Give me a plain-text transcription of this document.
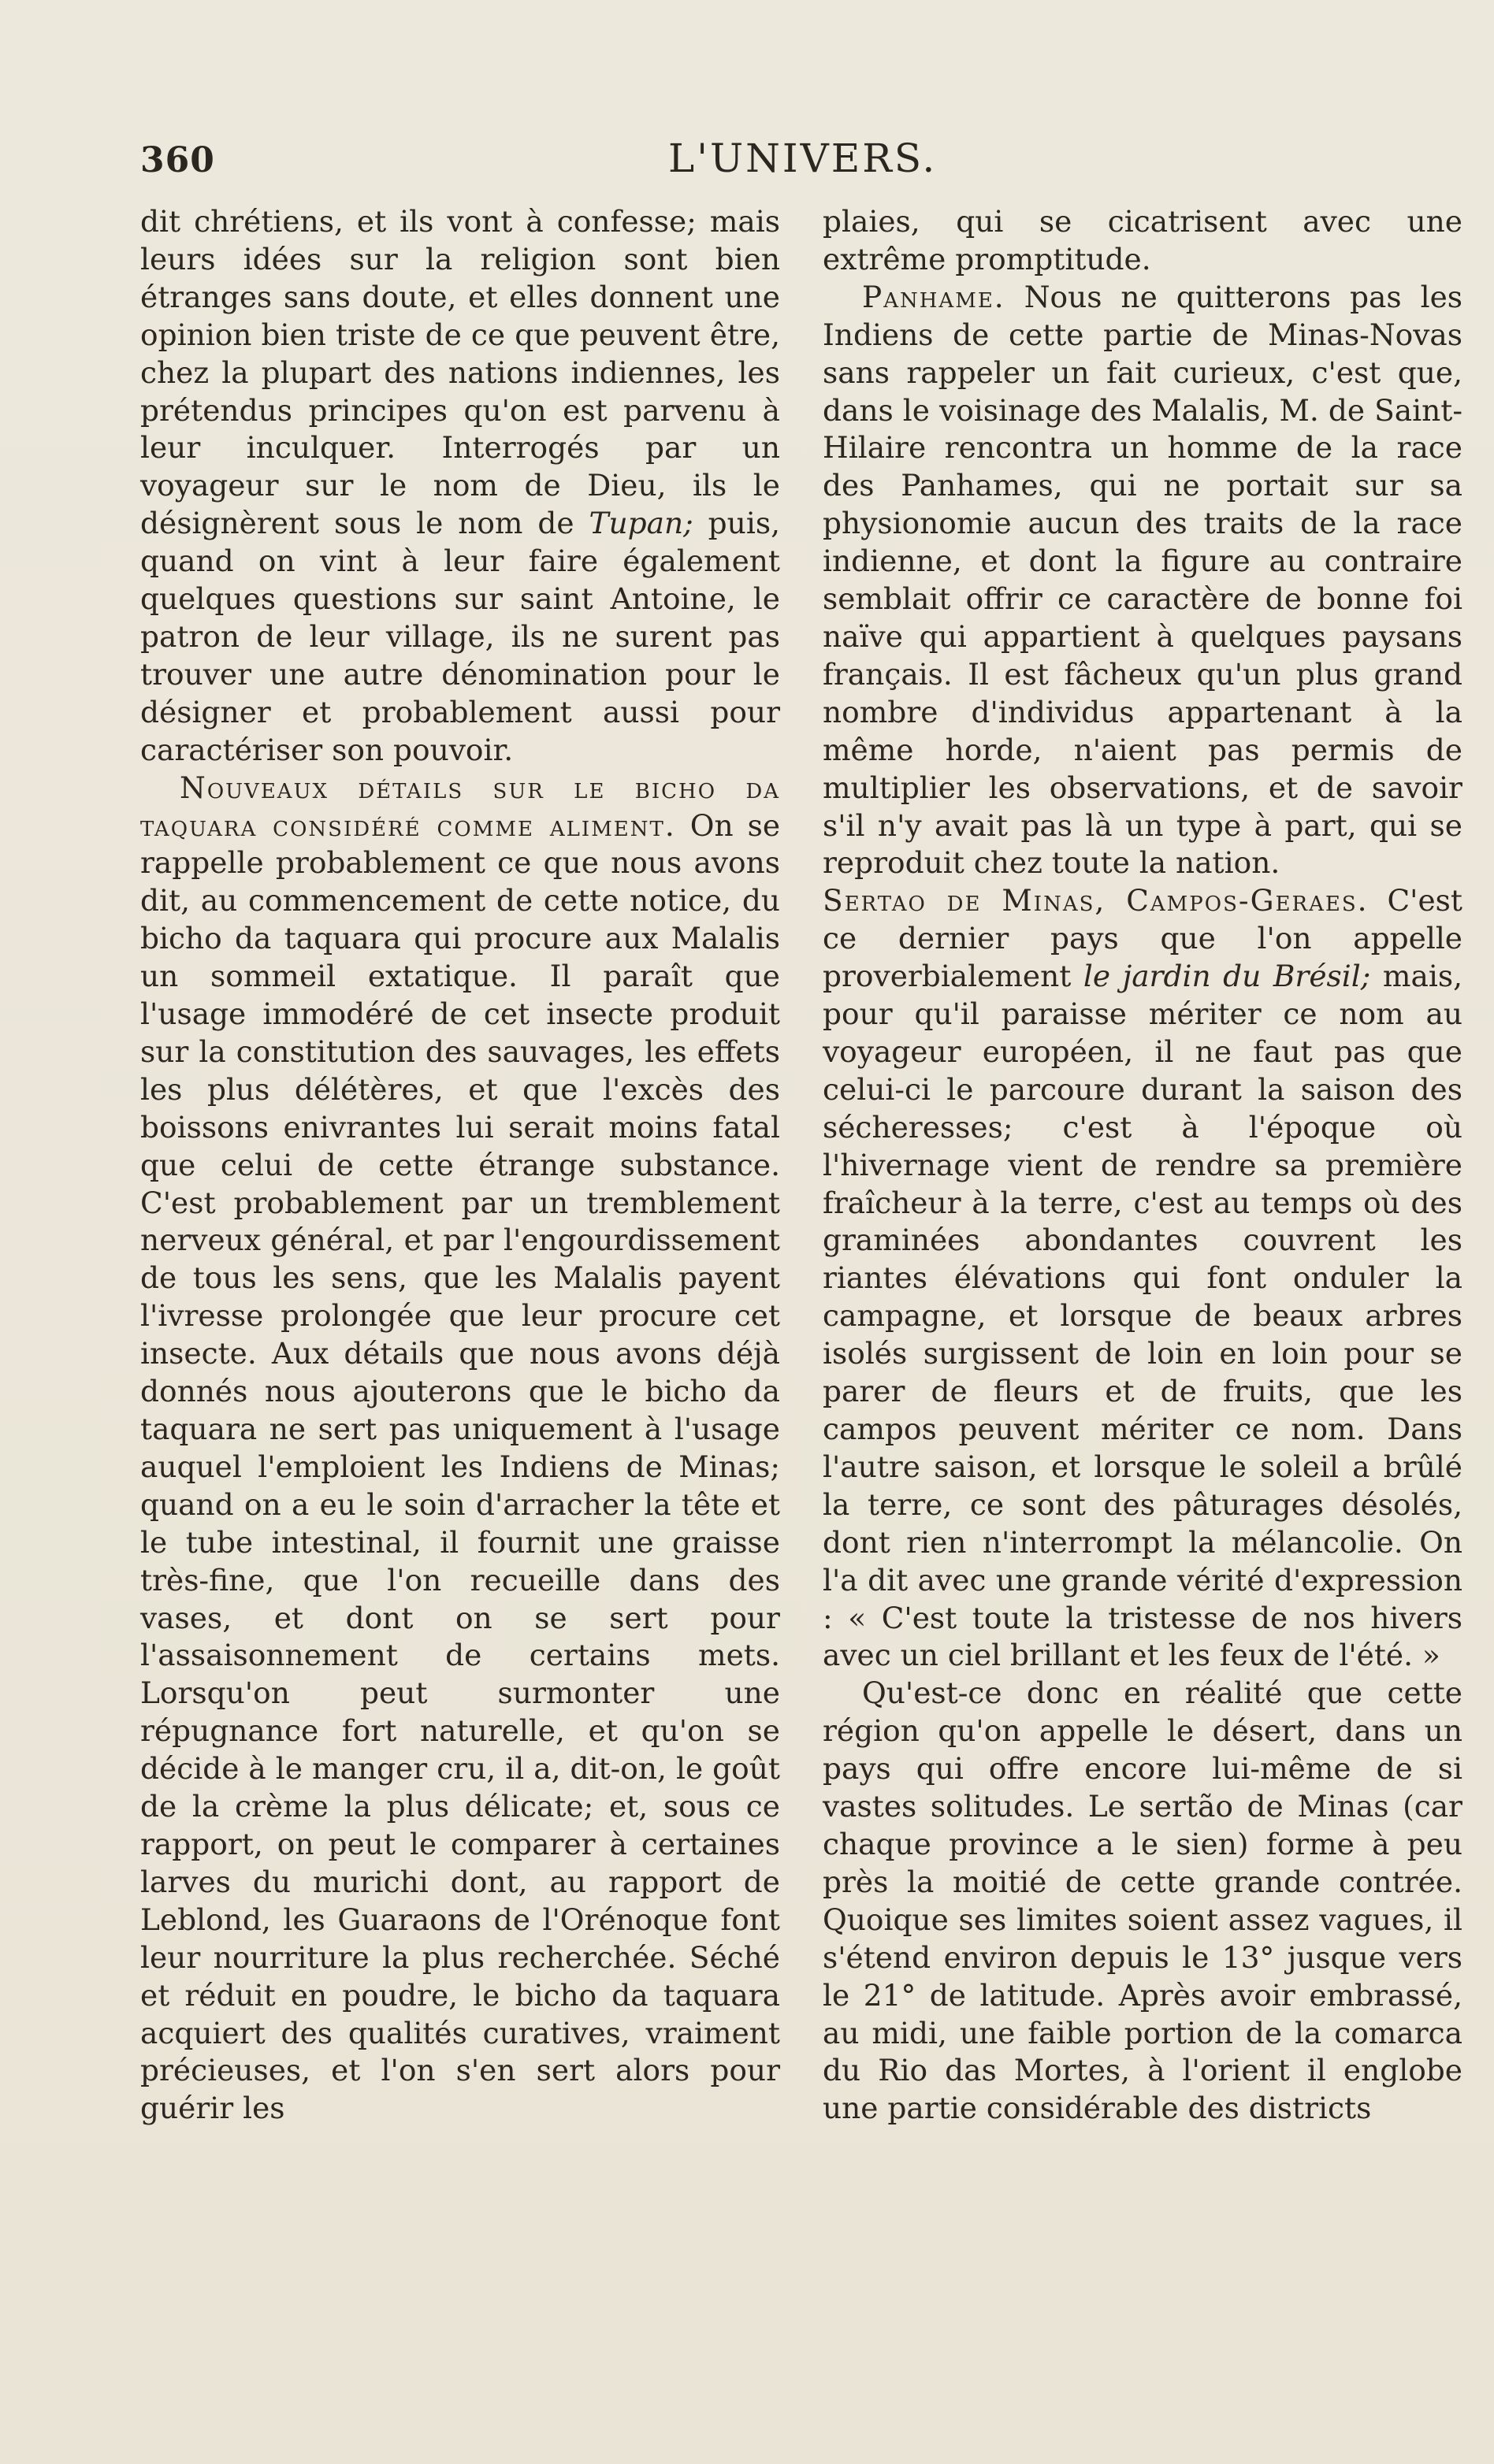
360	L'UNIVERS.

dit chrétiens, et ils vont à confesse; mais leurs idées sur la religion sont bien étranges sans doute, et elles donnent une opinion bien triste de ce que peuvent être, chez la plupart des nations indiennes, les prétendus principes qu'on est parvenu à leur inculquer. Interrogés par un voyageur sur le nom de Dieu, ils le désignèrent sous le nom de Tupan; puis, quand on vint à leur faire également quelques questions sur saint Antoine, le patron de leur village, ils ne surent pas trouver une autre dénomination pour le désigner et probablement aussi pour caractériser son pouvoir.

Nouveaux détails sur le bicho da taquara considéré comme aliment. On se rappelle probablement ce que nous avons dit, au commencement de cette notice, du bicho da taquara qui procure aux Malalis un sommeil extatique. Il paraît que l'usage immodéré de cet insecte produit sur la constitution des sauvages, les effets les plus délétères, et que l'excès des boissons enivrantes lui serait moins fatal que celui de cette étrange substance. C'est probablement par un tremblement nerveux général, et par l'engourdissement de tous les sens, que les Malalis payent l'ivresse prolongée que leur procure cet insecte. Aux détails que nous avons déjà donnés nous ajouterons que le bicho da taquara ne sert pas uniquement à l'usage auquel l'emploient les Indiens de Minas; quand on a eu le soin d'arracher la tête et le tube intestinal, il fournit une graisse très-fine, que l'on recueille dans des vases, et dont on se sert pour l'assaisonnement de certains mets. Lorsqu'on peut surmonter une répugnance fort naturelle, et qu'on se décide à le manger cru, il a, dit-on, le goût de la crème la plus délicate; et, sous ce rapport, on peut le comparer à certaines larves du murichi dont, au rapport de Leblond, les Guaraons de l'Orénoque font leur nourriture la plus recherchée. Séché et réduit en poudre, le bicho da taquara acquiert des qualités curatives, vraiment précieuses, et l'on s'en sert alors pour guérir les

plaies, qui se cicatrisent avec une extrême promptitude.

Panhame. Nous ne quitterons pas les Indiens de cette partie de Minas-Novas sans rappeler un fait curieux, c'est que, dans le voisinage des Malalis, M. de Saint-Hilaire rencontra un homme de la race des Panhames, qui ne portait sur sa physionomie aucun des traits de la race indienne, et dont la figure au contraire semblait offrir ce caractère de bonne foi naïve qui appartient à quelques paysans français. Il est fâcheux qu'un plus grand nombre d'individus appartenant à la même horde, n'aient pas permis de multiplier les observations, et de savoir s'il n'y avait pas là un type à part, qui se reproduit chez toute la nation.

Sertao de Minas, Campos-Geraes. C'est ce dernier pays que l'on appelle proverbialement le jardin du Brésil; mais, pour qu'il paraisse mériter ce nom au voyageur européen, il ne faut pas que celui-ci le parcoure durant la saison des sécheresses; c'est à l'époque où l'hivernage vient de rendre sa première fraîcheur à la terre, c'est au temps où des graminées abondantes couvrent les riantes élévations qui font onduler la campagne, et lorsque de beaux arbres isolés surgissent de loin en loin pour se parer de fleurs et de fruits, que les campos peuvent mériter ce nom. Dans l'autre saison, et lorsque le soleil a brûlé la terre, ce sont des pâturages désolés, dont rien n'interrompt la mélancolie. On l'a dit avec une grande vérité d'expression : « C'est toute la tristesse de nos hivers avec un ciel brillant et les feux de l'été. »

Qu'est-ce donc en réalité que cette région qu'on appelle le désert, dans un pays qui offre encore lui-même de si vastes solitudes. Le sertão de Minas (car chaque province a le sien) forme à peu près la moitié de cette grande contrée. Quoique ses limites soient assez vagues, il s'étend environ depuis le 13° jusque vers le 21° de latitude. Après avoir embrassé, au midi, une faible portion de la comarca du Rio das Mortes, à l'orient il englobe une partie considérable des districts
